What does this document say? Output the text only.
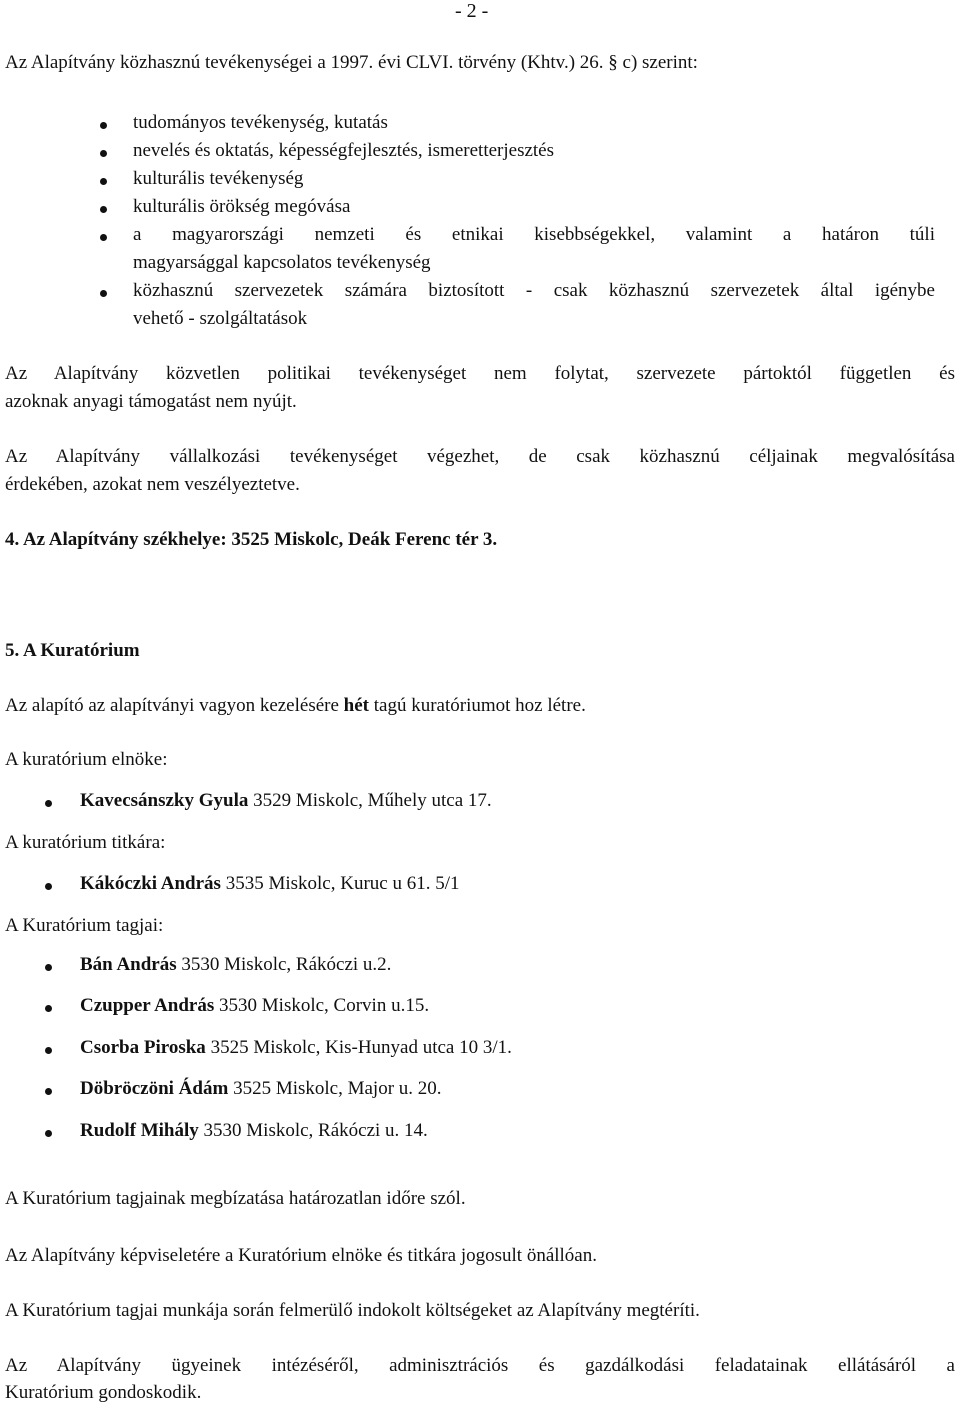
- 2 -
Az Alapítvány közhasznú tevékenységei a 1997. évi CLVI. törvény (Khtv.) 26. § c) szerint:
tudományos tevékenység, kutatás
nevelés és oktatás, képességfejlesztés, ismeretterjesztés
kulturális tevékenység
kulturális örökség megóvása
a magyarországi nemzeti és etnikai kisebbségekkel, valamint a határon túli
magyarsággal kapcsolatos tevékenység
közhasznú szervezetek számára biztosított - csak közhasznú szervezetek által igénybe
vehető - szolgáltatások
Az Alapítvány közvetlen politikai tevékenységet nem folytat, szervezete pártoktól független és
azoknak anyagi támogatást nem nyújt.
Az Alapítvány vállalkozási tevékenységet végezhet, de csak közhasznú céljainak megvalósítása
érdekében, azokat nem veszélyeztetve.
4. Az Alapítvány székhelye: 3525 Miskolc, Deák Ferenc tér 3.
5. A Kuratórium
Az alapító az alapítványi vagyon kezelésére hét tagú kuratóriumot hoz létre.
A kuratórium elnöke:
Kavecsánszky Gyula 3529 Miskolc, Műhely utca 17.
A kuratórium titkára:
Kákóczki András 3535 Miskolc, Kuruc u 61. 5/1
A Kuratórium tagjai:
Bán András 3530 Miskolc, Rákóczi u.2.
Czupper András 3530 Miskolc, Corvin u.15.
Csorba Piroska 3525 Miskolc, Kis-Hunyad utca 10 3/1.
Döbröczöni Ádám 3525 Miskolc, Major u. 20.
Rudolf Mihály 3530 Miskolc, Rákóczi u. 14.
A Kuratórium tagjainak megbízatása határozatlan időre szól.
Az Alapítvány képviseletére a Kuratórium elnöke és titkára jogosult önállóan.
A Kuratórium tagjai munkája során felmerülő indokolt költségeket az Alapítvány megtéríti.
Az Alapítvány ügyeinek intézéséről, adminisztrációs és gazdálkodási feladatainak ellátásáról a
Kuratórium gondoskodik.
